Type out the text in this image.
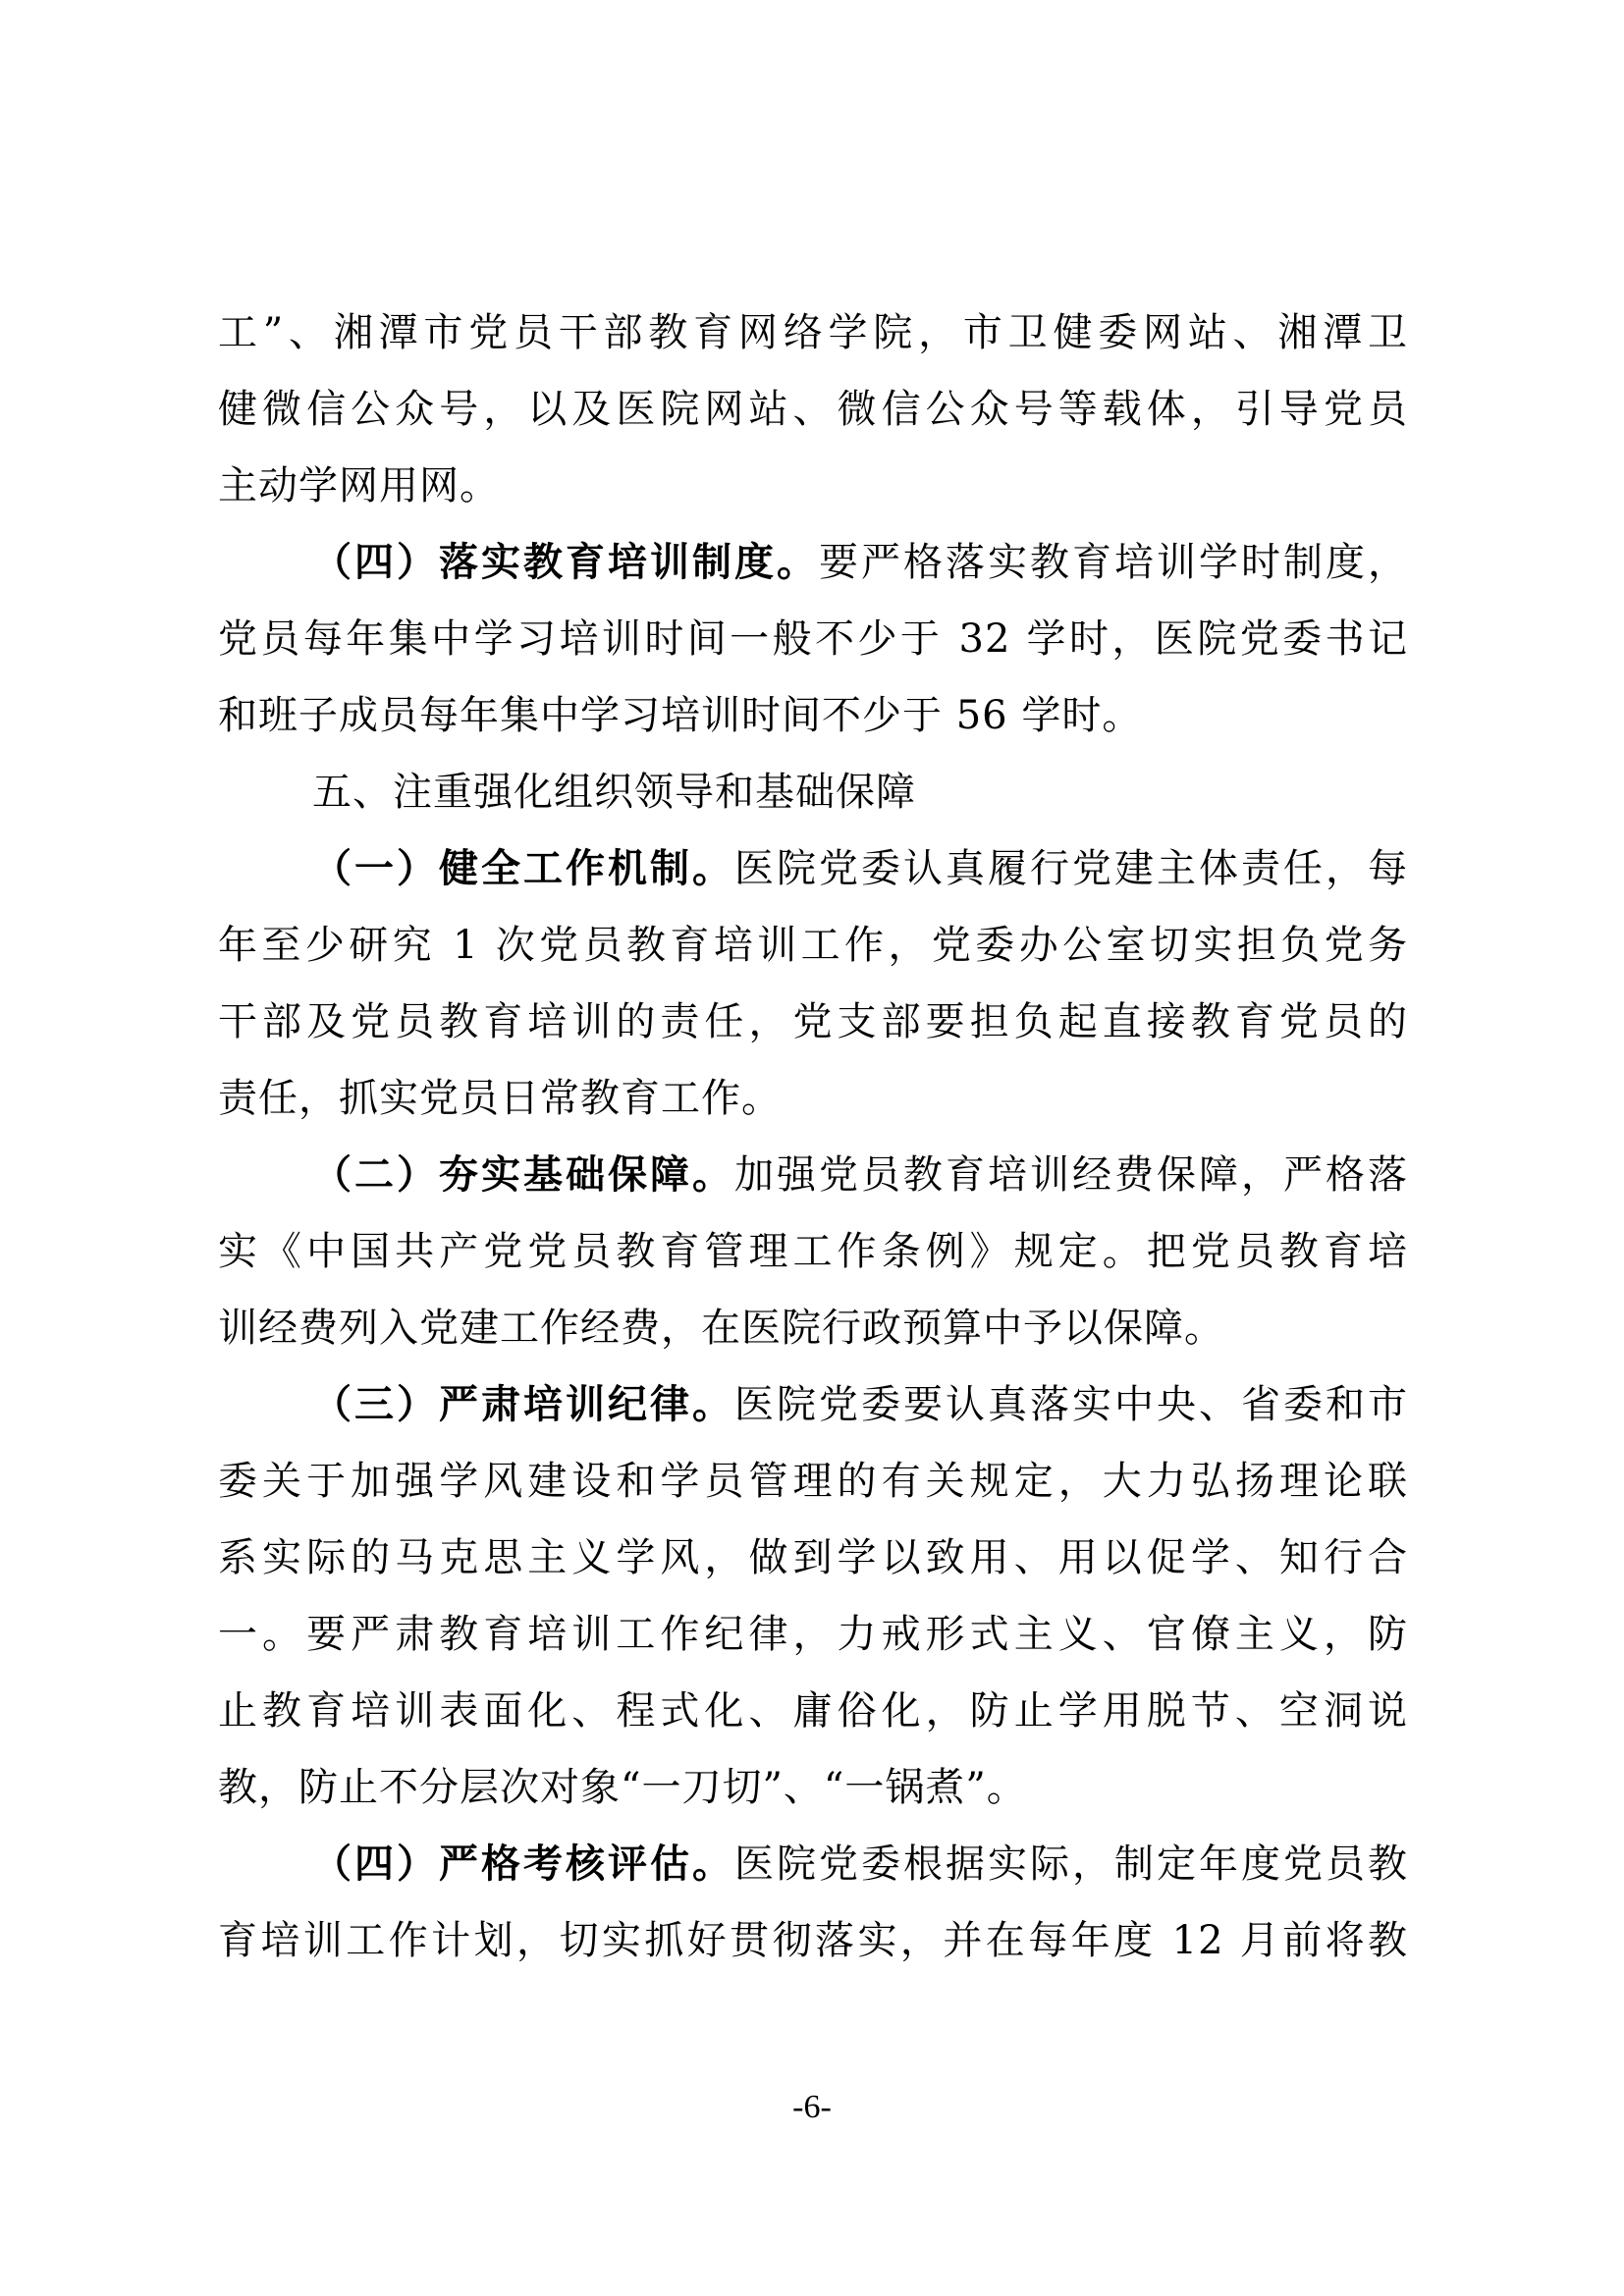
工”、湘潭市党员干部教育网络学院，市卫健委网站、湘潭卫
健微信公众号，以及医院网站、微信公众号等载体，引导党员
主动学网用网。
（四）落实教育培训制度。要严格落实教育培训学时制度，
党员每年集中学习培训时间一般不少于 32 学时，医院党委书记
和班子成员每年集中学习培训时间不少于 56 学时。
五、注重强化组织领导和基础保障
（一）健全工作机制。医院党委认真履行党建主体责任，每
年至少研究 1 次党员教育培训工作，党委办公室切实担负党务
干部及党员教育培训的责任，党支部要担负起直接教育党员的
责任，抓实党员日常教育工作。
（二）夯实基础保障。加强党员教育培训经费保障，严格落
实《中国共产党党员教育管理工作条例》规定。把党员教育培
训经费列入党建工作经费，在医院行政预算中予以保障。
（三）严肃培训纪律。医院党委要认真落实中央、省委和市
委关于加强学风建设和学员管理的有关规定，大力弘扬理论联
系实际的马克思主义学风，做到学以致用、用以促学、知行合
一。要严肃教育培训工作纪律，力戒形式主义、官僚主义，防
止教育培训表面化、程式化、庸俗化，防止学用脱节、空洞说
教，防止不分层次对象“一刀切”、“一锅煮”。
（四）严格考核评估。医院党委根据实际，制定年度党员教
育培训工作计划，切实抓好贯彻落实，并在每年度 12 月前将教
-6-
